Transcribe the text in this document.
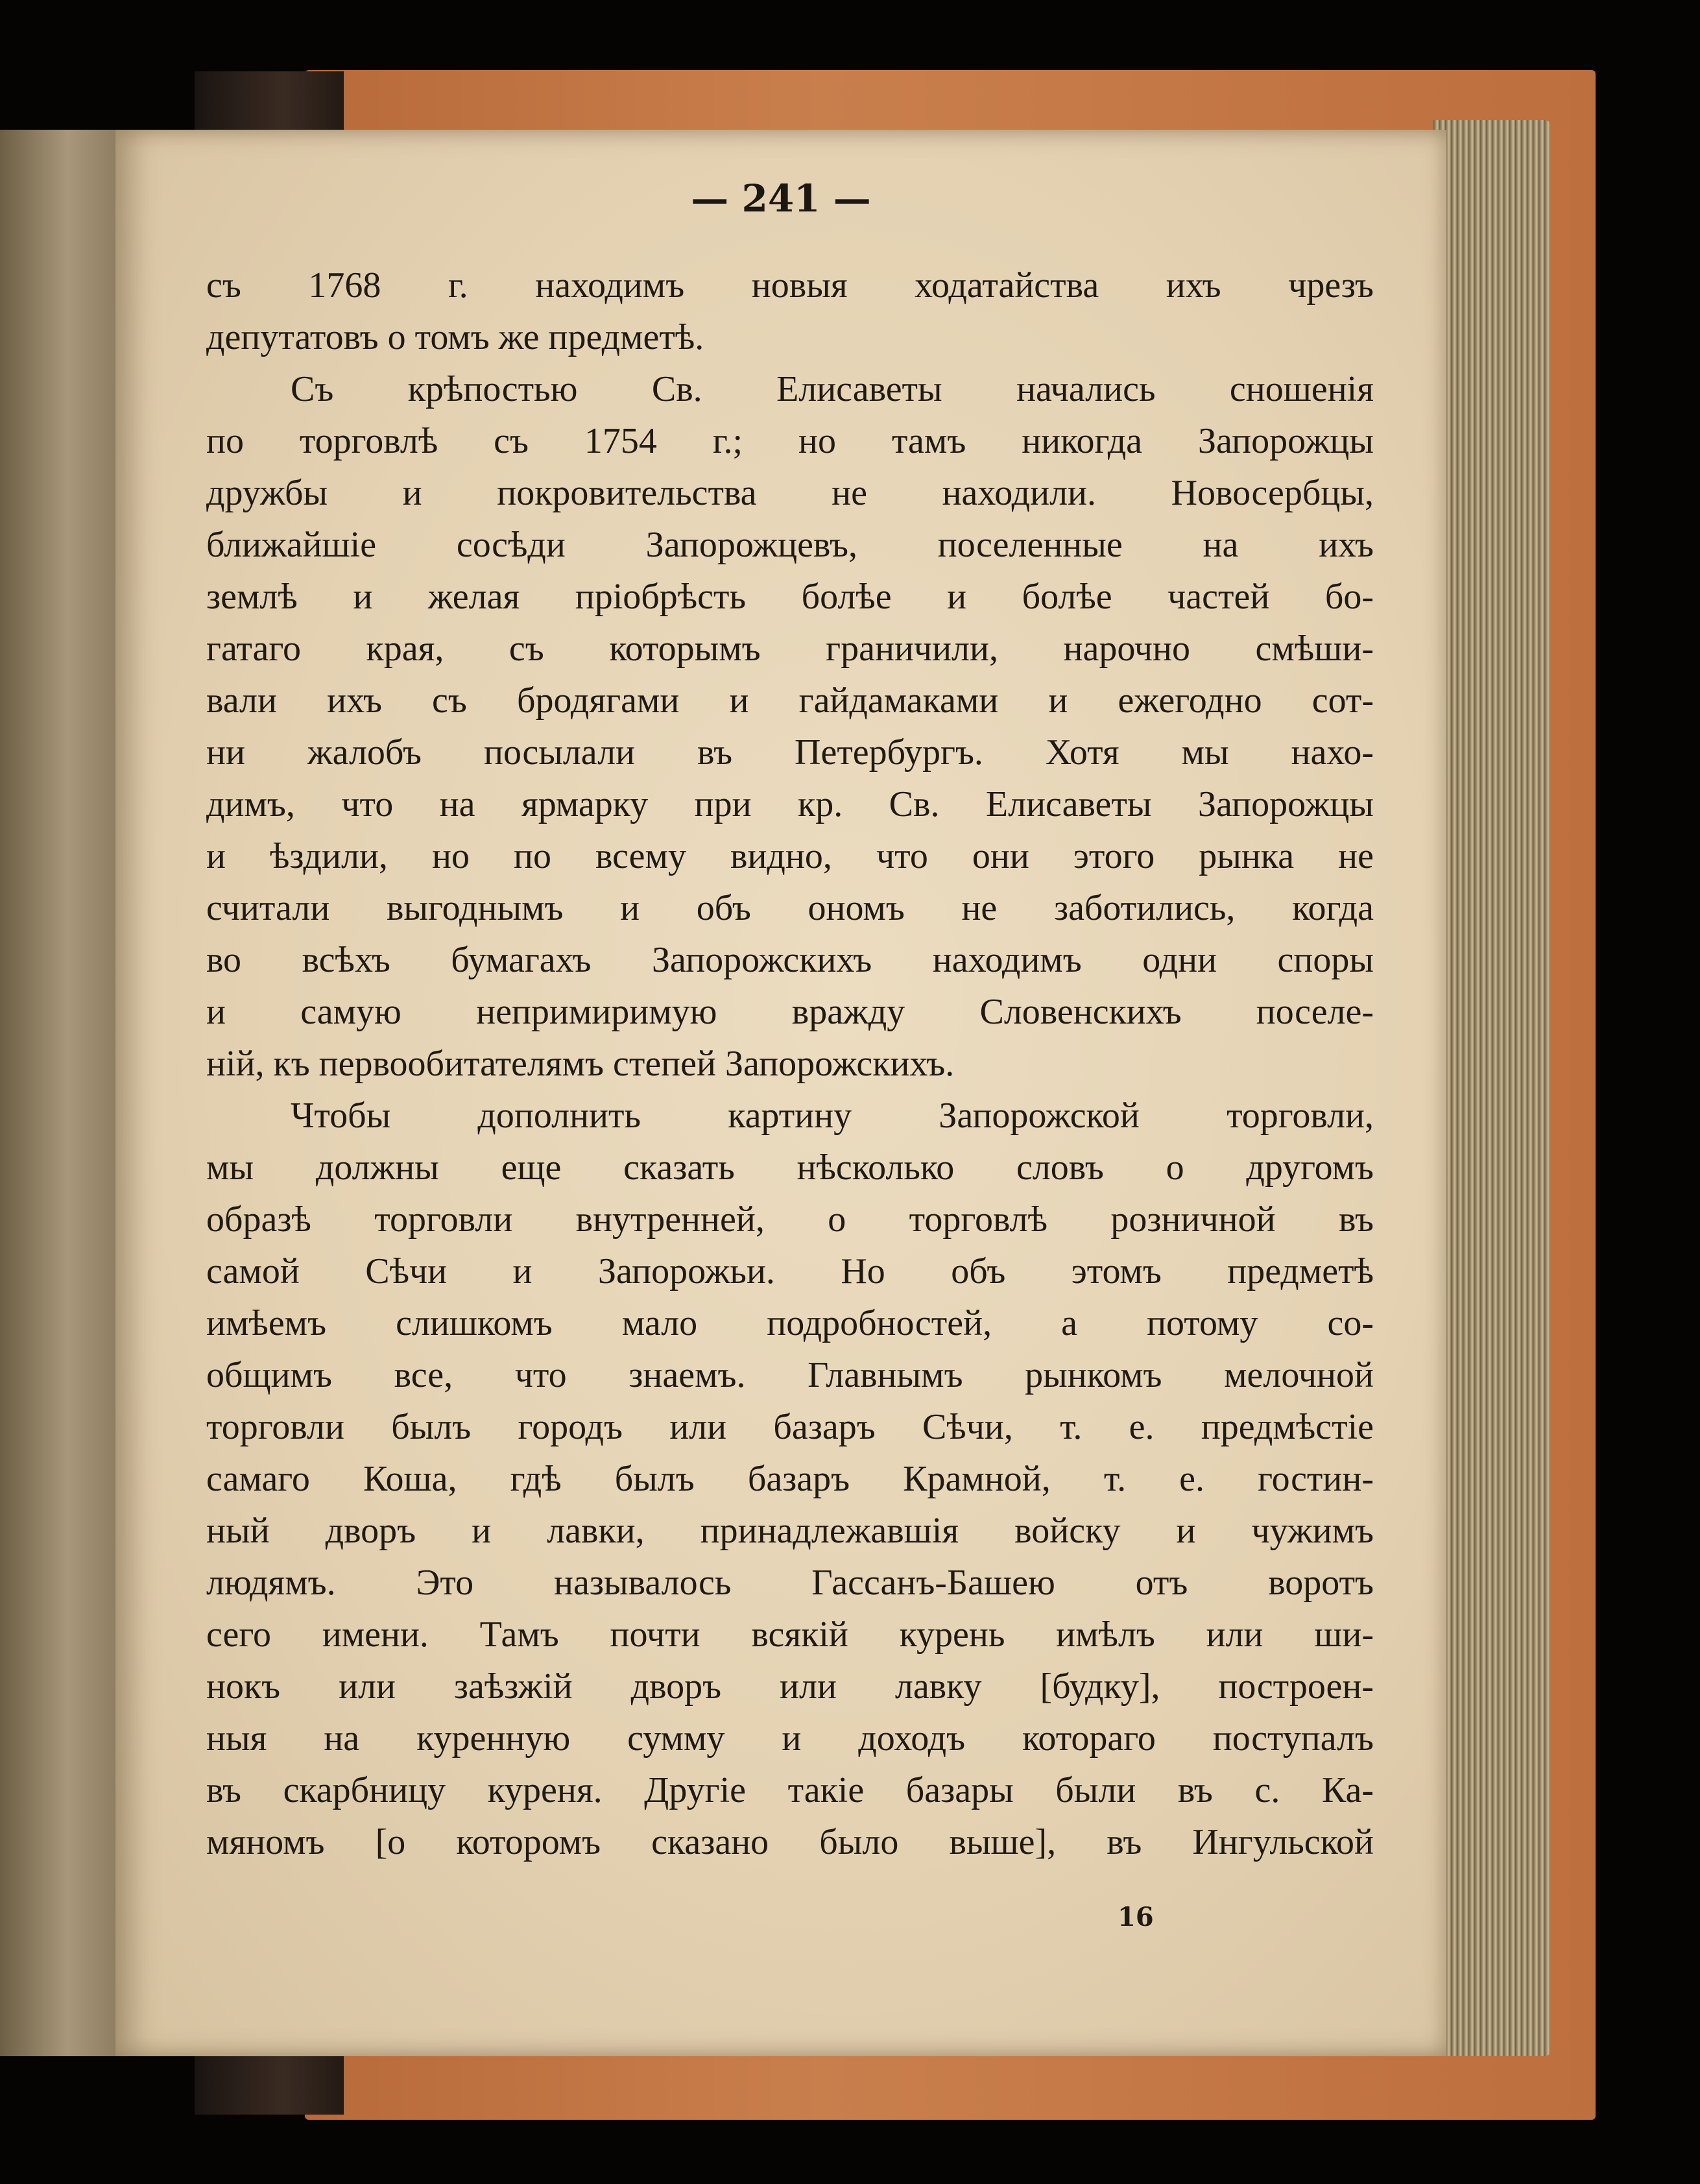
— 241 —
съ 1768 г. находимъ новыя ходатайства ихъ чрезъ
депутатовъ о томъ же предметѣ.
Съ крѣпостью Св. Елисаветы начались сношенія
по торговлѣ съ 1754 г.; но тамъ никогда Запорожцы
дружбы и покровительства не находили. Новосербцы,
ближайшіе сосѣди Запорожцевъ, поселенные на ихъ
землѣ и желая пріобрѣсть болѣе и болѣе частей бо-
гатаго края, съ которымъ граничили, нарочно смѣши-
вали ихъ съ бродягами и гайдамаками и ежегодно сот-
ни жалобъ посылали въ Петербургъ. Хотя мы нахо-
димъ, что на ярмарку при кр. Св. Елисаветы Запорожцы
и ѣздили, но по всему видно, что они этого рынка не
считали выгоднымъ и объ ономъ не заботились, когда
во всѣхъ бумагахъ Запорожскихъ находимъ одни споры
и самую непримиримую вражду Словенскихъ поселе-
ній, къ первообитателямъ степей Запорожскихъ.
Чтобы дополнить картину Запорожской торговли,
мы должны еще сказать нѣсколько словъ о другомъ
образѣ торговли внутренней, о торговлѣ розничной въ
самой Сѣчи и Запорожьи. Но объ этомъ предметѣ
имѣемъ слишкомъ мало подробностей, а потому со-
общимъ все, что знаемъ. Главнымъ рынкомъ мелочной
торговли былъ городъ или базаръ Сѣчи, т. е. предмѣстіе
самаго Коша, гдѣ былъ базаръ Крамной, т. е. гостин-
ный дворъ и лавки, принадлежавшія войску и чужимъ
людямъ. Это называлось Гассанъ-Башею отъ воротъ
сего имени. Тамъ почти всякій курень имѣлъ или ши-
нокъ или заѣзжій дворъ или лавку [будку], построен-
ныя на куренную сумму и доходъ котораго поступалъ
въ скарбницу куреня. Другіе такіе базары были въ с. Ка-
мяномъ [о которомъ сказано было выше], въ Ингульской
16
